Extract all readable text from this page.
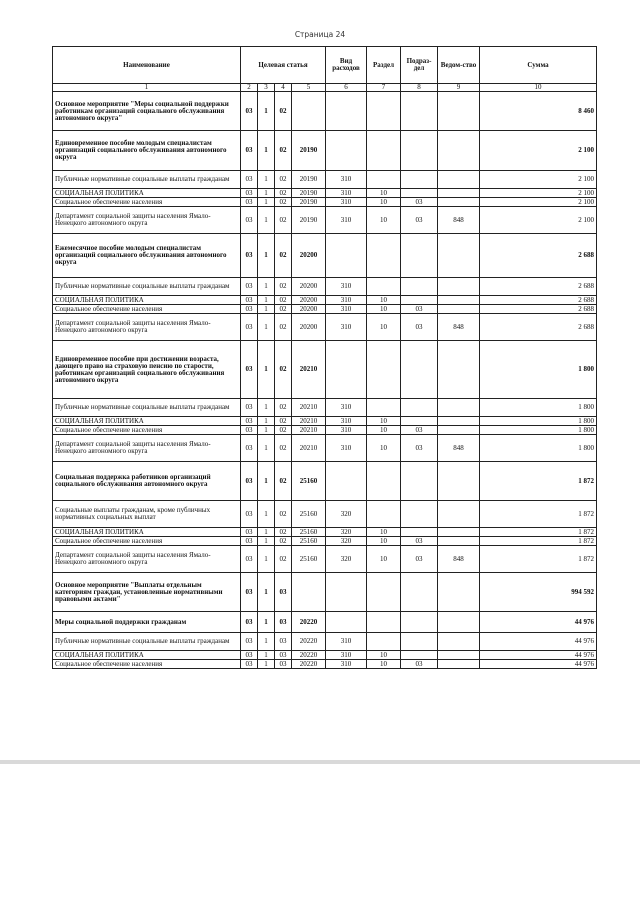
Страница 24
Наименование	Целевая статья				Вид расходов	Раздел	Подраз-дел	Ведом-ство	Сумма
1	2	3	4	5	6	7	8	9	10
Основное мероприятие "Меры социальной поддержки работникам организаций социального обслуживания автономного округа"	03	1	02						8 460
Единовременное пособие молодым специалистам организаций социального обслуживания автономного округа	03	1	02	20190					2 100
Публичные нормативные социальные выплаты гражданам	03	1	02	20190	310				2 100
СОЦИАЛЬНАЯ ПОЛИТИКА	03	1	02	20190	310	10			2 100
Социальное обеспечение населения	03	1	02	20190	310	10	03		2 100
Департамент социальной защиты населения Ямало-Ненецкого автономного округа	03	1	02	20190	310	10	03	848	2 100
Ежемесячное пособие молодым специалистам организаций социального обслуживания автономного округа	03	1	02	20200					2 688
Публичные нормативные социальные выплаты гражданам	03	1	02	20200	310				2 688
СОЦИАЛЬНАЯ ПОЛИТИКА	03	1	02	20200	310	10			2 688
Социальное обеспечение населения	03	1	02	20200	310	10	03		2 688
Департамент социальной защиты населения Ямало-Ненецкого автономного округа	03	1	02	20200	310	10	03	848	2 688
Единовременное пособие при достижении возраста, дающего право на страховую пенсию по старости, работникам организаций социального обслуживания автономного округа	03	1	02	20210					1 800
Публичные нормативные социальные выплаты гражданам	03	1	02	20210	310				1 800
СОЦИАЛЬНАЯ ПОЛИТИКА	03	1	02	20210	310	10			1 800
Социальное обеспечение населения	03	1	02	20210	310	10	03		1 800
Департамент социальной защиты населения Ямало-Ненецкого автономного округа	03	1	02	20210	310	10	03	848	1 800
Социальная поддержка работников организаций социального обслуживания автономного округа	03	1	02	25160					1 872
Социальные выплаты гражданам, кроме публичных нормативных социальных выплат	03	1	02	25160	320				1 872
СОЦИАЛЬНАЯ ПОЛИТИКА	03	1	02	25160	320	10			1 872
Социальное обеспечение населения	03	1	02	25160	320	10	03		1 872
Департамент социальной защиты населения Ямало-Ненецкого автономного округа	03	1	02	25160	320	10	03	848	1 872
Основное мероприятие "Выплаты отдельным категориям граждан, установленные нормативными правовыми актами"	03	1	03						994 592
Меры социальной поддержки гражданам	03	1	03	20220					44 976
Публичные нормативные социальные выплаты гражданам	03	1	03	20220	310				44 976
СОЦИАЛЬНАЯ ПОЛИТИКА	03	1	03	20220	310	10			44 976
Социальное обеспечение населения	03	1	03	20220	310	10	03		44 976
